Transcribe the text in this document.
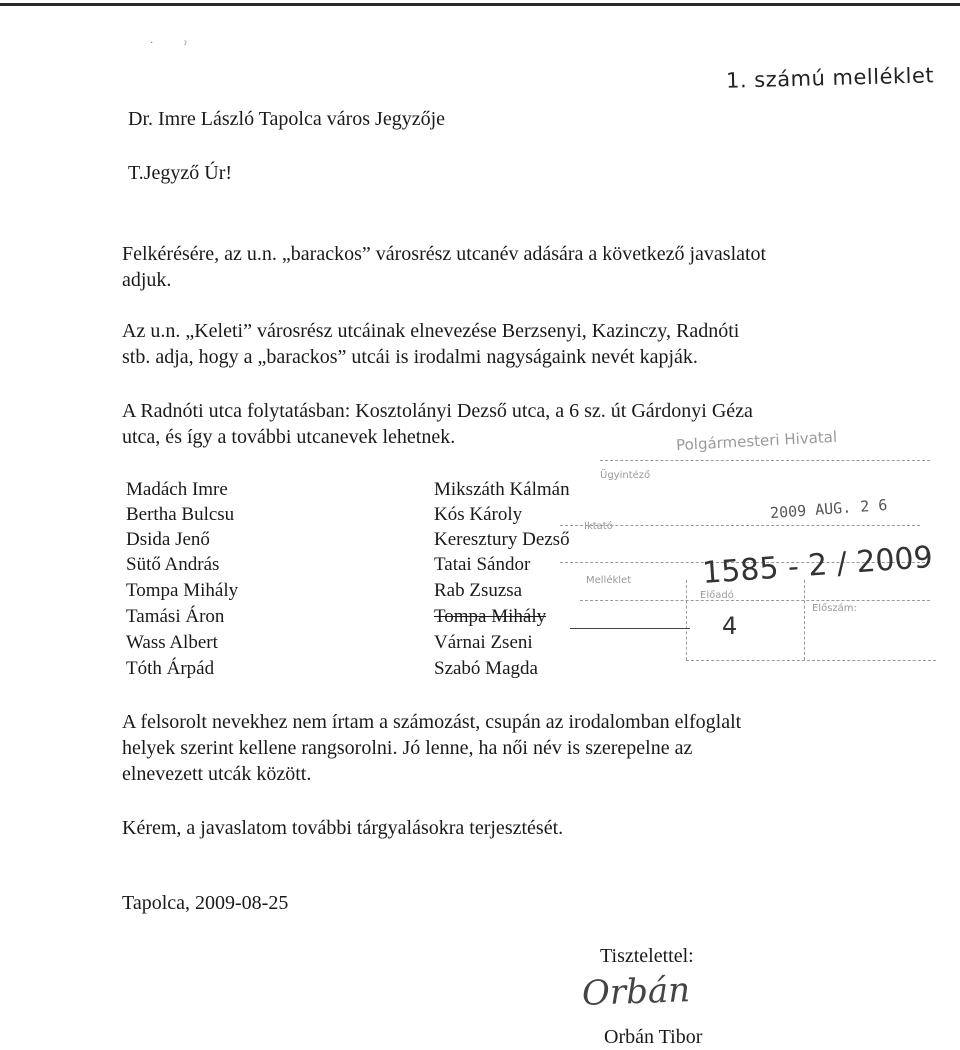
·	ˀ
1. számú melléklet
Dr. Imre László Tapolca város Jegyzője
T.Jegyző Úr!
Felkérésére, az u.n. „barackos” városrész utcanév adására a következő javaslatot
adjuk.
Az u.n. „Keleti” városrész utcáinak elnevezése Berzsenyi, Kazinczy, Radnóti
stb. adja, hogy a „barackos” utcái is irodalmi nagyságaink nevét kapják.
A Radnóti utca folytatásban: Kosztolányi Dezső utca, a 6 sz. út Gárdonyi Géza
utca, és így a további utcanevek lehetnek.	Polgármesteri Hivatal
Ügyintéző
2009 AUG. 2 6
Iktató
Melléklet 1585 - 2 / 2009
Előadó
Előszám:
4
Madách Imre
Bertha Bulcsu
Dsida Jenő
Sütő András
Tompa Mihály
Tamási Áron
Wass Albert
Tóth Árpád
Mikszáth Kálmán
Kós Károly
Keresztury Dezső
Tatai Sándor
Rab Zsuzsa
Tompa Mihály
Várnai Zseni
Szabó Magda
A felsorolt nevekhez nem írtam a számozást, csupán az irodalomban elfoglalt
helyek szerint kellene rangsorolni. Jó lenne, ha női név is szerepelne az
elnevezett utcák között.
Kérem, a javaslatom további tárgyalásokra terjesztését.
Tapolca, 2009-08-25
Tisztelettel:
Orbán
Orbán Tibor
